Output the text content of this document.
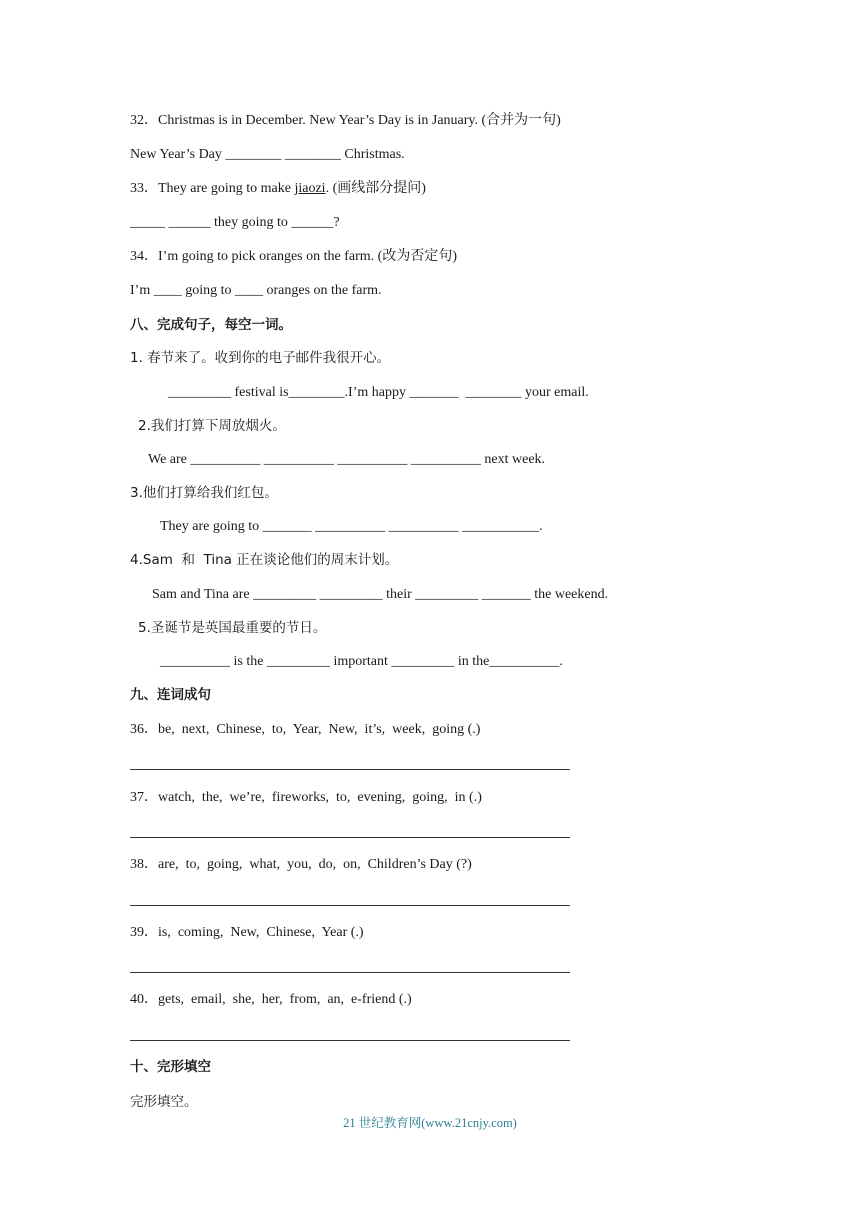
32．Christmas is in December. New Year’s Day is in January. (合并为一句)
New Year’s Day ________ ________ Christmas.
33．They are going to make jiaozi. (画线部分提问)
_____ ______ they going to ______?
34．I’m going to pick oranges on the farm. (改为否定句)
I’m ____ going to ____ oranges on the farm.
八、完成句子，每空一词。
1. 春节来了。收到你的电子邮件我很开心。
_________ festival is________.I’m happy _______  ________ your email.
2.我们打算下周放烟火。
We are __________ __________ __________ __________ next week.
3.他们打算给我们红包。
They are going to _______ __________ __________ ___________.
4.Sam  和  Tina 正在谈论他们的周末计划。
Sam and Tina are _________ _________ their _________ _______ the weekend.
5.圣诞节是英国最重要的节日。
__________ is the _________ important _________ in the__________.
九、连词成句
36．be,  next,  Chinese,  to,  Year,  New,  it’s,  week,  going (.)
37．watch,  the,  we’re,  fireworks,  to,  evening,  going,  in (.)
38．are,  to,  going,  what,  you,  do,  on,  Children’s Day (?)
39．is,  coming,  New,  Chinese,  Year (.)
40．gets,  email,  she,  her,  from,  an,  e-friend (.)
十、完形填空
完形填空。
21 世纪教育网(www.21cnjy.com)
